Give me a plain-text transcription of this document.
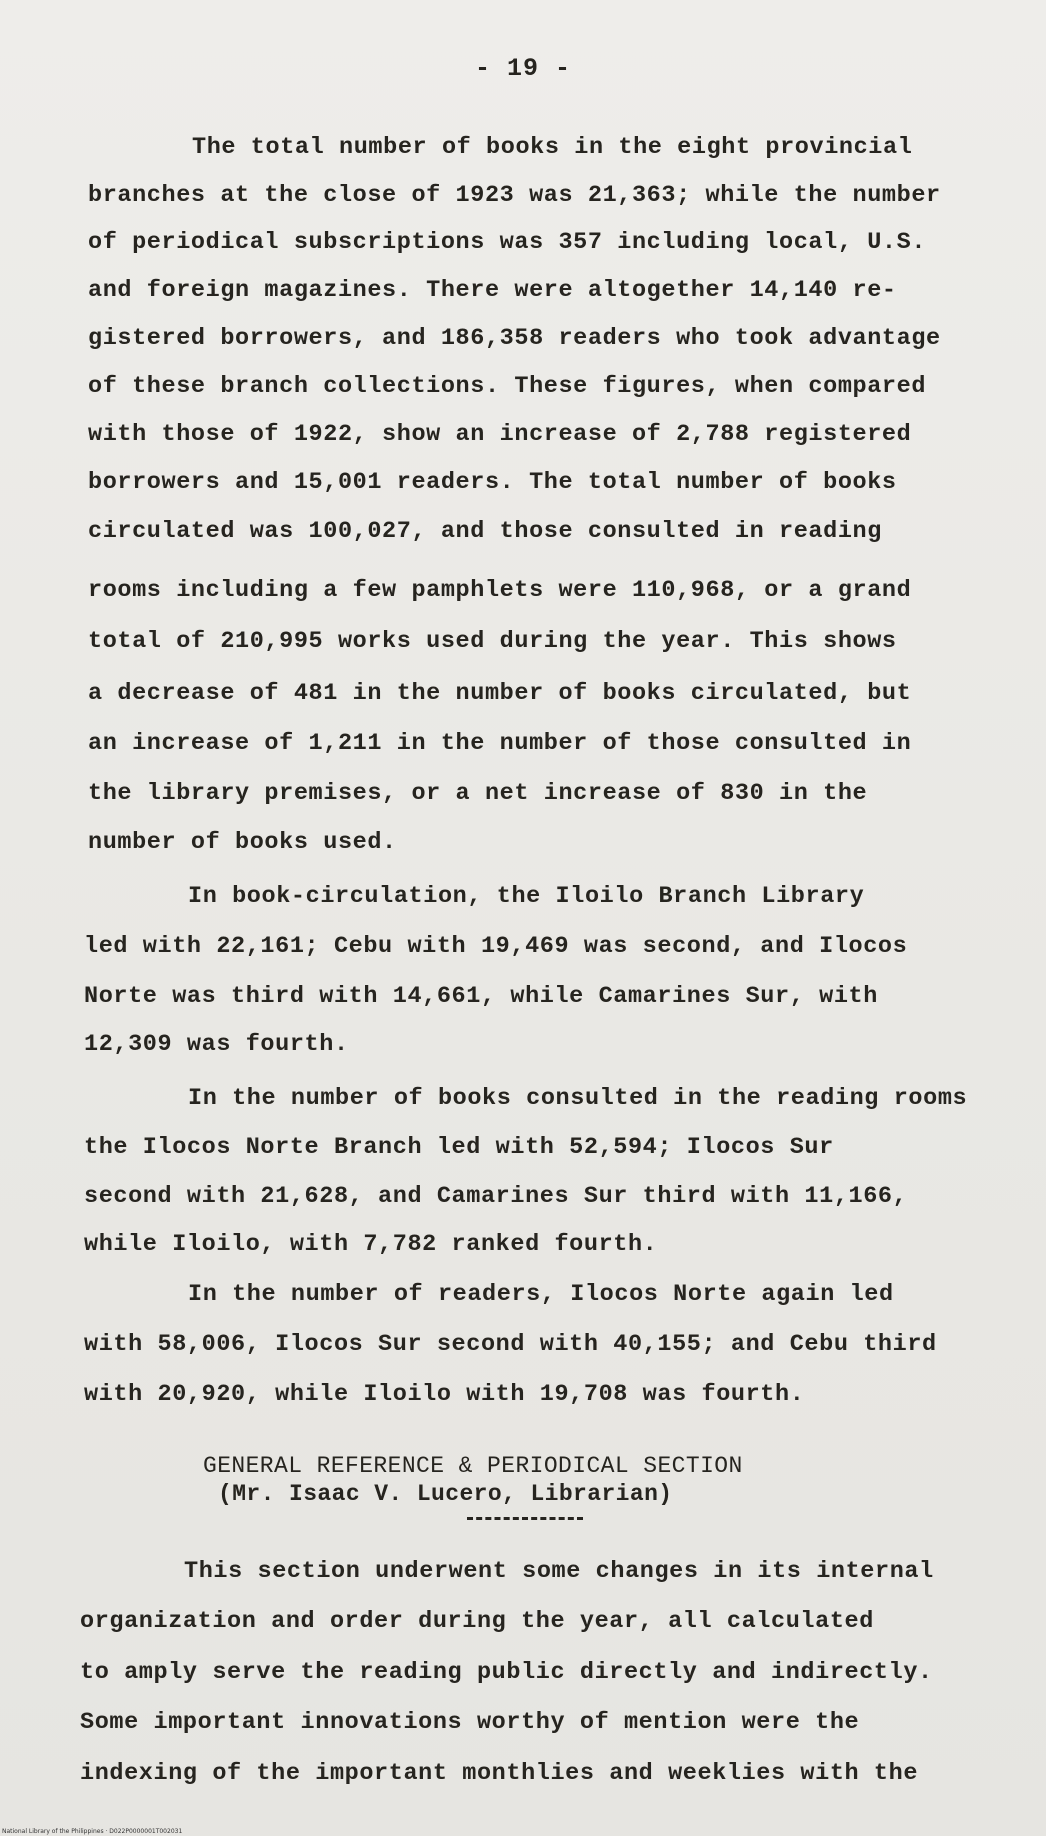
- 19 -
The total number of books in the eight provincial
branches at the close of 1923 was 21,363; while the number
of periodical subscriptions was 357 including local, U.S.
and foreign magazines. There were altogether 14,140 re-
gistered borrowers, and 186,358 readers who took advantage
of these branch collections. These figures, when compared
with those of 1922, show an increase of 2,788 registered
borrowers and 15,001 readers. The total number of books
circulated was 100,027, and those consulted in reading
rooms including a few pamphlets were 110,968, or a grand
total of 210,995 works used during the year. This shows
a decrease of 481 in the number of books circulated, but
an increase of 1,211 in the number of those consulted in
the library premises, or a net increase of 830 in the
number of books used.
In book-circulation, the Iloilo Branch Library
led with 22,161; Cebu with 19,469 was second, and Ilocos
Norte was third with 14,661, while Camarines Sur, with
12,309 was fourth.
In the number of books consulted in the reading rooms
the Ilocos Norte Branch led with 52,594; Ilocos Sur
second with 21,628, and Camarines Sur third with 11,166,
while Iloilo, with 7,782 ranked fourth.
In the number of readers, Ilocos Norte again led
with 58,006, Ilocos Sur second with 40,155; and Cebu third
with 20,920, while Iloilo with 19,708 was fourth.
GENERAL REFERENCE & PERIODICAL SECTION
(Mr. Isaac V. Lucero, Librarian)
This section underwent some changes in its internal
organization and order during the year, all calculated
to amply serve the reading public directly and indirectly.
Some important innovations worthy of mention were the
indexing of the important monthlies and weeklies with the
National Library of the Philippines · D022P0000001T002031
